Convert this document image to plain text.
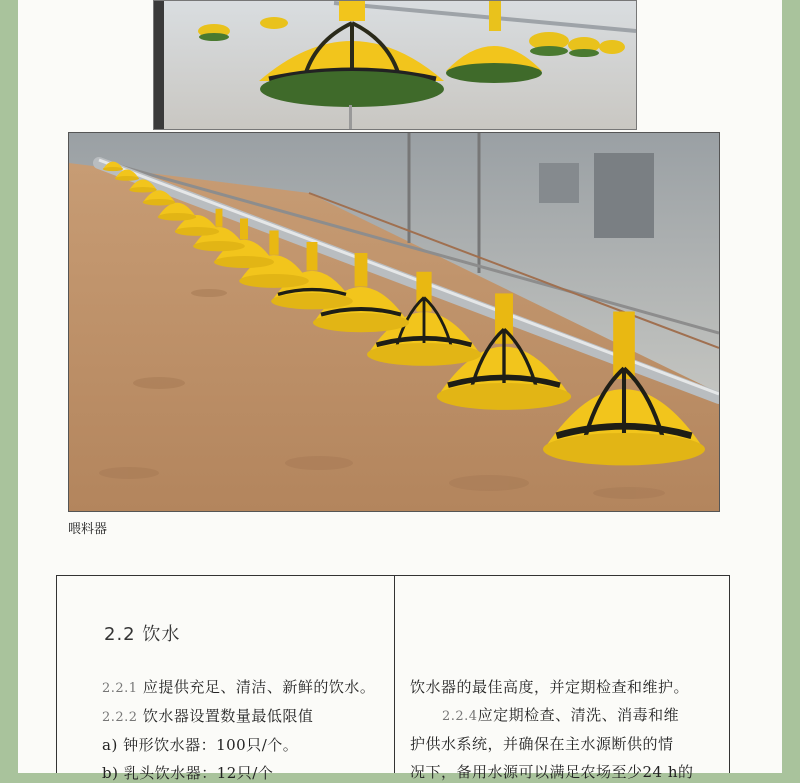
喂料器
2.2 饮水
2.2.1 应提供充足、清洁、新鲜的饮水。
2.2.2 饮水器设置数量最低限值
a) 钟形饮水器：100只/个。
b) 乳头饮水器：12只/个
饮水器的最佳高度，并定期检查和维护。
2.2.4应定期检查、清洗、消毒和维
护供水系统，并确保在主水源断供的情
况下，备用水源可以满足农场至少24 h的
